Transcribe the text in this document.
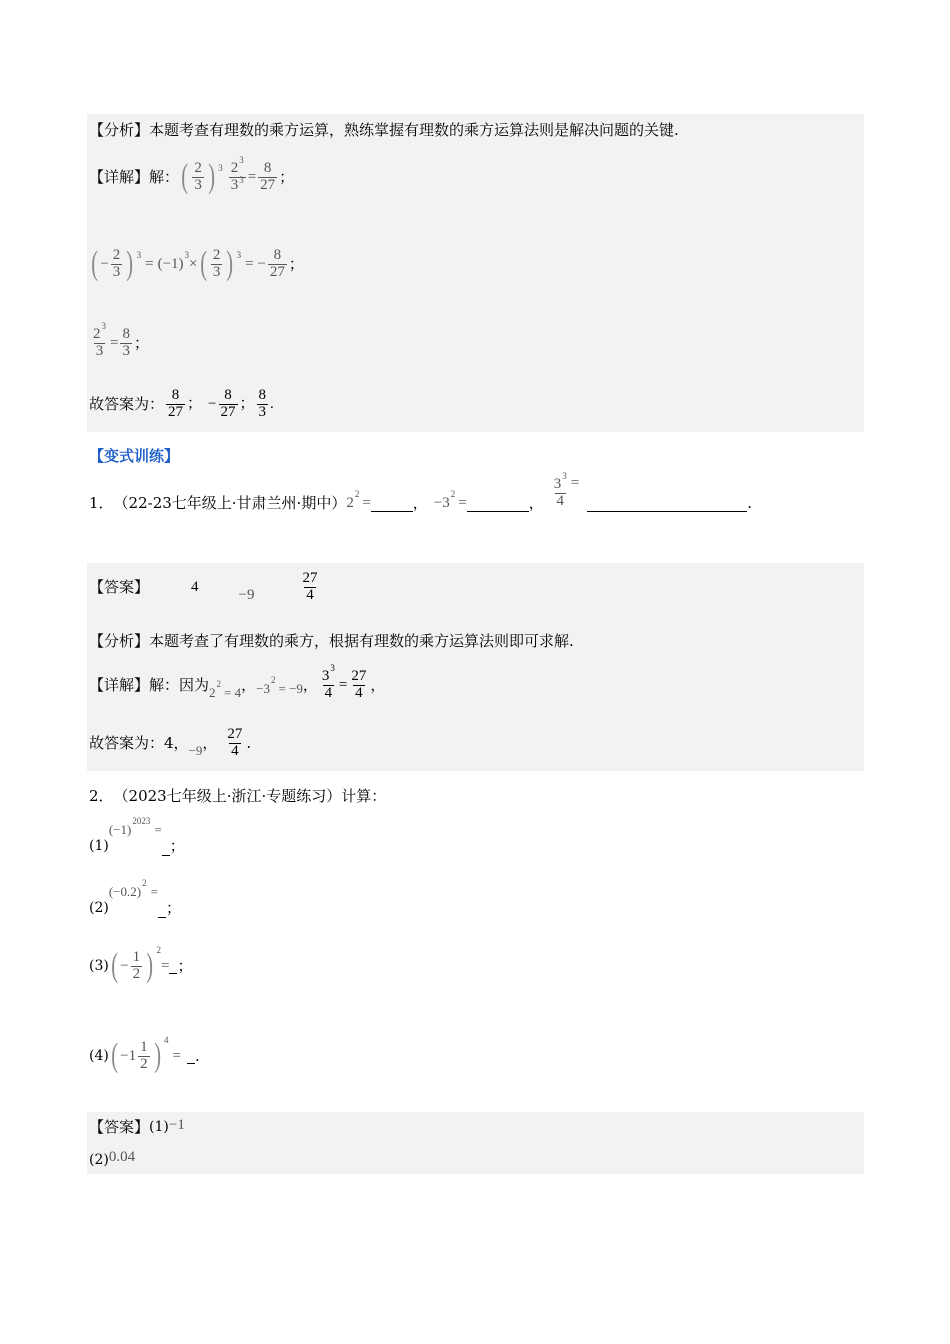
【分析】 本题考查有理数的乘方运算，熟练掌握有理数的乘方运算法则是解决问题的关键.
【详解】 解： ( $\frac{2}{3}$ ) $3 \frac{2^3}{3^3} = \frac{8}{27}$ ；
( − $\frac{2}{3}$ ) 3
= (−1)
3
× ( $\frac{2}{3}$ ) 3
= − $\frac{8}{27}$ ；
$\frac{2^3}{3} = \frac{8}{3}$ ；
故答案为： $\frac{8}{27}$ ； − $\frac{8}{27}$ ； $\frac{8}{3}$ .
【变式训练】
1． （22-23七年级上·甘肃兰州·期中） 2
2
=	， −3
2
=	， $\frac{3^3}{4}$ =
.
【答案】	4	−9	$\frac{27}{4}$
【分析】 本题考查了有理数的乘方，根据有理数的乘方运算法则即可求解.
【详解】 解：因为 2
2
= 4 ， −3
2
= −9 ， $\frac{3^3}{4} = \frac{27}{4}$ ，
故答案为：4， −9 ， $\frac{27}{4}$ .
2． （2023七年级上·浙江·专题练习）计算：
(1)
(−1)
2023
=
；
(2)
(−0.2)
2
=
；
(3) ( − $\frac{1}{2}$ ) 2
= ；
(4) ( $-1 \frac{1}{2}$ ) 4
= .
【答案】 (1) −1
(2) 0.04
